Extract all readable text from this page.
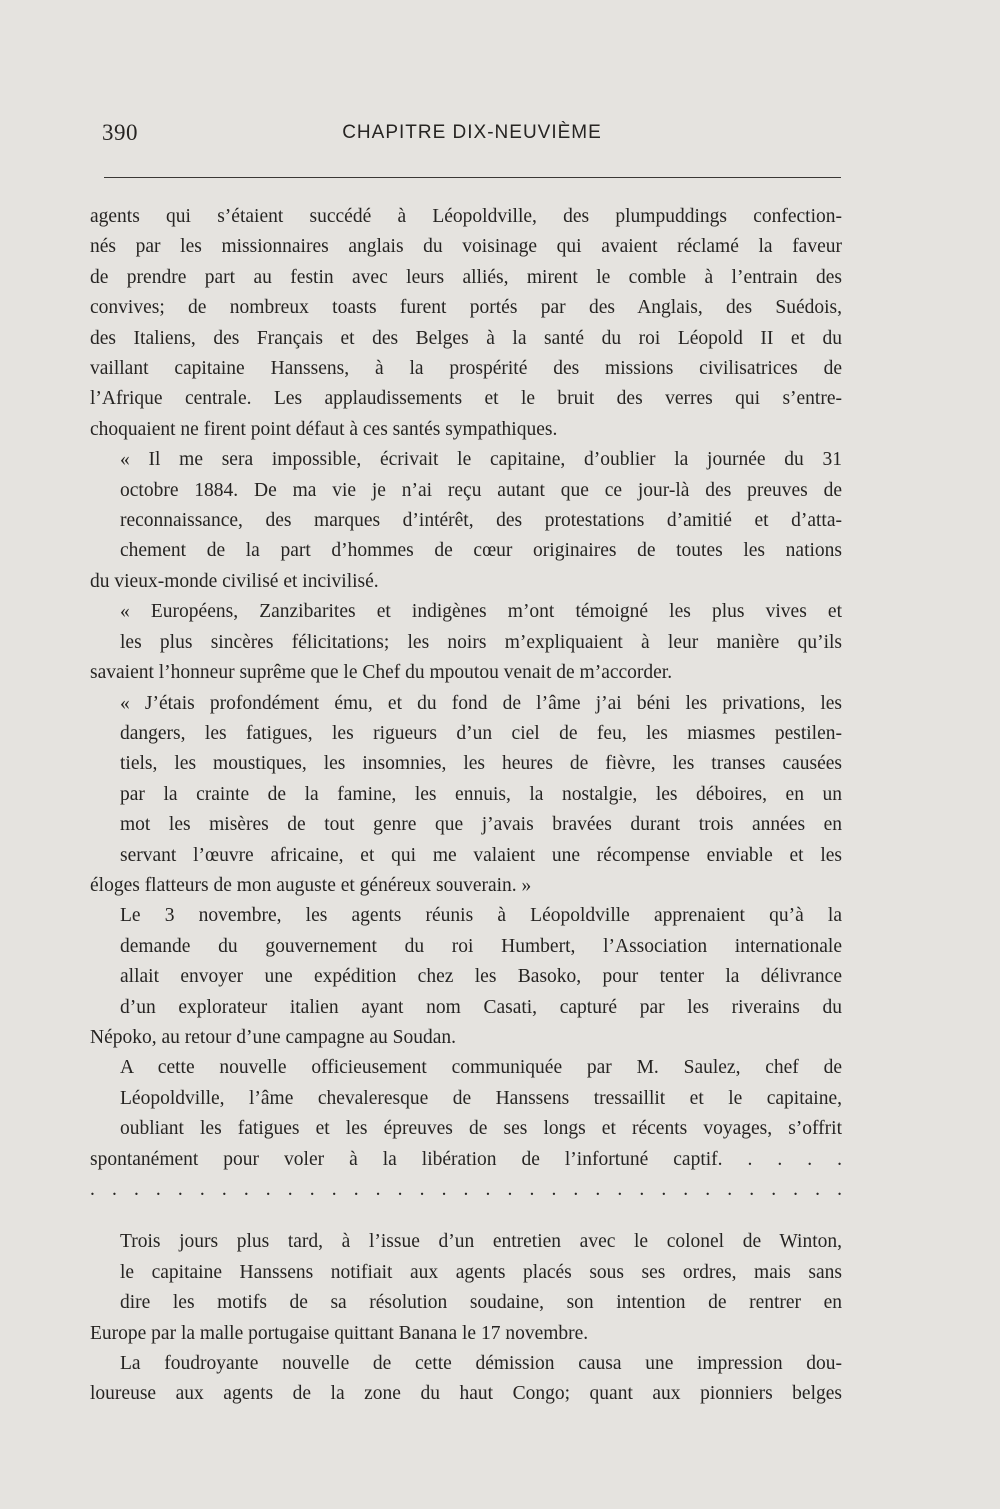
390	CHAPITRE DIX-NEUVIÈME

agents qui s’étaient succédé à Léopoldville, des plumpuddings confection-

nés par les missionnaires anglais du voisinage qui avaient réclamé la faveur

de prendre part au festin avec leurs alliés, mirent le comble à l’entrain des

convives; de nombreux toasts furent portés par des Anglais, des Suédois,

des Italiens, des Français et des Belges à la santé du roi Léopold II et du

vaillant capitaine Hanssens, à la prospérité des missions civilisatrices de

l’Afrique centrale. Les applaudissements et le bruit des verres qui s’entre-

choquaient ne firent point défaut à ces santés sympathiques.

« Il me sera impossible, écrivait le capitaine, d’oublier la journée du 31

octobre 1884. De ma vie je n’ai reçu autant que ce jour-là des preuves de

reconnaissance, des marques d’intérêt, des protestations d’amitié et d’atta-

chement de la part d’hommes de cœur originaires de toutes les nations

du vieux-monde civilisé et incivilisé.

« Européens, Zanzibarites et indigènes m’ont témoigné les plus vives et

les plus sincères félicitations; les noirs m’expliquaient à leur manière qu’ils

savaient l’honneur suprême que le Chef du mpoutou venait de m’accorder.

« J’étais profondément ému, et du fond de l’âme j’ai béni les privations, les

dangers, les fatigues, les rigueurs d’un ciel de feu, les miasmes pestilen-

tiels, les moustiques, les insomnies, les heures de fièvre, les transes causées

par la crainte de la famine, les ennuis, la nostalgie, les déboires, en un

mot les misères de tout genre que j’avais bravées durant trois années en

servant l’œuvre africaine, et qui me valaient une récompense enviable et les

éloges flatteurs de mon auguste et généreux souverain. »

Le 3 novembre, les agents réunis à Léopoldville apprenaient qu’à la

demande du gouvernement du roi Humbert, l’Association internationale

allait envoyer une expédition chez les Basoko, pour tenter la délivrance

d’un explorateur italien ayant nom Casati, capturé par les riverains du

Népoko, au retour d’une campagne au Soudan.

A cette nouvelle officieusement communiquée par M. Saulez, chef de

Léopoldville, l’âme chevaleresque de Hanssens tressaillit et le capitaine,

oubliant les fatigues et les épreuves de ses longs et récents voyages, s’offrit

spontanément pour voler à la libération de l’infortuné captif. . . . .

. . . . . . . . . . . . . . . . . . . . . . . . . . . . . . . . . . .

Trois jours plus tard, à l’issue d’un entretien avec le colonel de Winton,

le capitaine Hanssens notifiait aux agents placés sous ses ordres, mais sans

dire les motifs de sa résolution soudaine, son intention de rentrer en

Europe par la malle portugaise quittant Banana le 17 novembre.

La foudroyante nouvelle de cette démission causa une impression dou-

loureuse aux agents de la zone du haut Congo; quant aux pionniers belges
